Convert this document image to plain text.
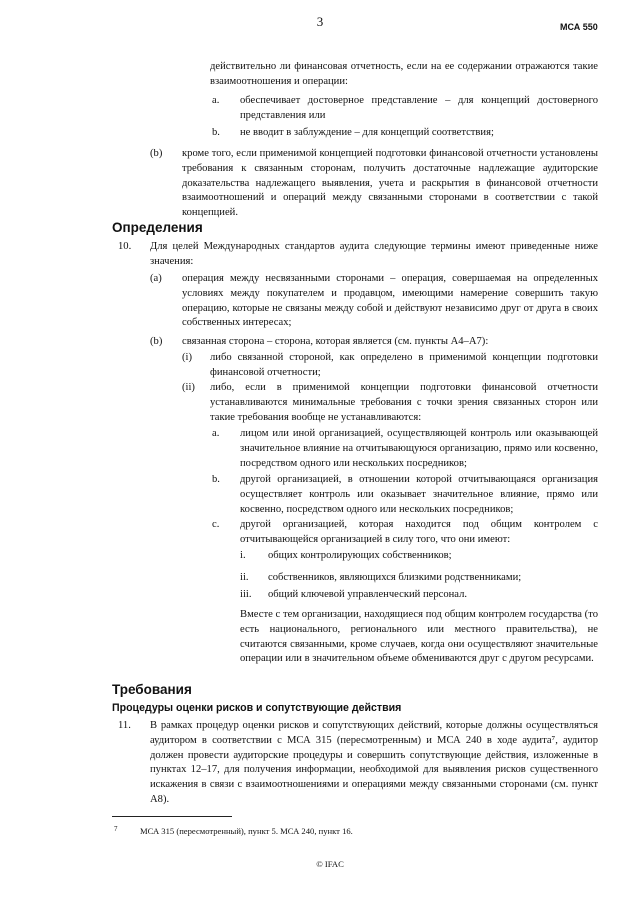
3	МСА 550
действительно ли финансовая отчетность, если на ее содержании отражаются такие взаимоотношения и операции:
a. обеспечивает достоверное представление – для концепций достоверного представления или
b. не вводит в заблуждение – для концепций соответствия;
(b) кроме того, если применимой концепцией подготовки финансовой отчетности установлены требования к связанным сторонам, получить достаточные надлежащие аудиторские доказательства надлежащего выявления, учета и раскрытия в финансовой отчетности взаимоотношений и операций между связанными сторонами в соответствии с такой концепцией.
Определения
10. Для целей Международных стандартов аудита следующие термины имеют приведенные ниже значения:
(a) операция между несвязанными сторонами – операция, совершаемая на определенных условиях между покупателем и продавцом, имеющими намерение совершить такую операцию, которые не связаны между собой и действуют независимо друг от друга в своих собственных интересах;
(b) связанная сторона – сторона, которая является (см. пункты А4–А7):
(i) либо связанной стороной, как определено в применимой концепции подготовки финансовой отчетности;
(ii) либо, если в применимой концепции подготовки финансовой отчетности устанавливаются минимальные требования с точки зрения связанных сторон или такие требования вообще не устанавливаются:
a. лицом или иной организацией, осуществляющей контроль или оказывающей значительное влияние на отчитывающуюся организацию, прямо или косвенно, посредством одного или нескольких посредников;
b. другой организацией, в отношении которой отчитывающаяся организация осуществляет контроль или оказывает значительное влияние, прямо или косвенно, посредством одного или нескольких посредников;
c. другой организацией, которая находится под общим контролем с отчитывающейся организацией в силу того, что они имеют:
i. общих контролирующих собственников;
ii. собственников, являющихся близкими родственниками;
iii. общий ключевой управленческий персонал.
Вместе с тем организации, находящиеся под общим контролем государства (то есть национального, регионального или местного правительства), не считаются связанными, кроме случаев, когда они осуществляют значительные операции или в значительном объеме обмениваются друг с другом ресурсами.
Требования
Процедуры оценки рисков и сопутствующие действия
11. В рамках процедур оценки рисков и сопутствующих действий, которые должны осуществляться аудитором в соответствии с МСА 315 (пересмотренным) и МСА 240 в ходе аудита⁷, аудитор должен провести аудиторские процедуры и совершить сопутствующие действия, изложенные в пунктах 12–17, для получения информации, необходимой для выявления рисков существенного искажения в связи с взаимоотношениями и операциями между связанными сторонами (см. пункт А8).
7	МСА 315 (пересмотренный), пункт 5. МСА 240, пункт 16.
© IFAC
